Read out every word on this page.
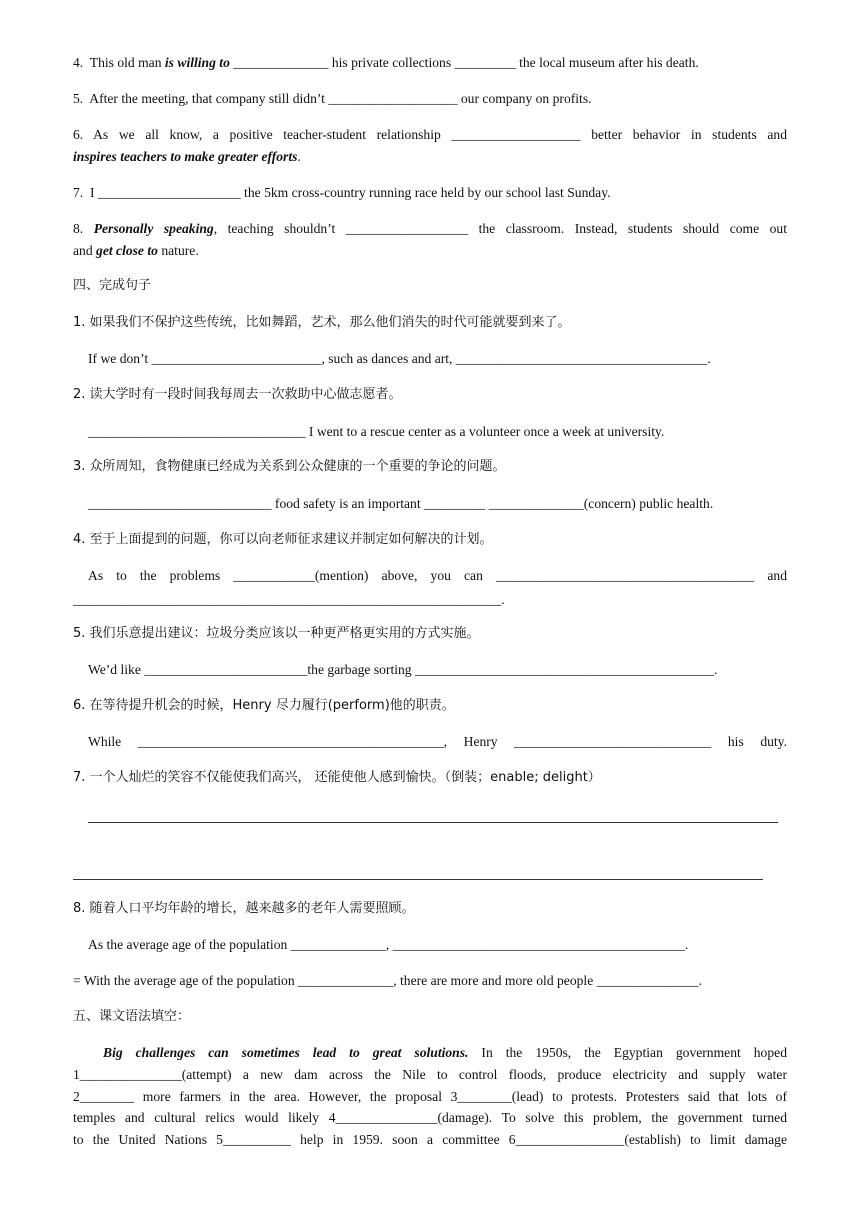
4. This old man is willing to ______________ his private collections _________ the local museum after his death.
5. After the meeting, that company still didn’t ___________________ our company on profits.
6. As we all know, a positive teacher-student relationship ___________________ better behavior in students and
inspires teachers to make greater efforts.
7. I _____________________ the 5km cross-country running race held by our school last Sunday.
8. Personally speaking, teaching shouldn’t __________________ the classroom. Instead, students should come out
and get close to nature.
四、完成句子
1. 如果我们不保护这些传统，比如舞蹈，艺术，那么他们消失的时代可能就要到来了。
If we don’t _________________________, such as dances and art, _____________________________________.
2. 读大学时有一段时间我每周去一次救助中心做志愿者。
________________________________ I went to a rescue center as a volunteer once a week at university.
3. 众所周知，食物健康已经成为关系到公众健康的一个重要的争论的问题。
___________________________ food safety is an important _________ ______________(concern) public health.
4. 至于上面提到的问题，你可以向老师征求建议并制定如何解决的计划。
As to the problems ____________(mention) above, you can ______________________________________ and
_______________________________________________________________.
5. 我们乐意提出建议：垃圾分类应该以一种更严格更实用的方式实施。
We’d like ________________________the garbage sorting ____________________________________________.
6. 在等待提升机会的时候，Henry 尽力履行(perform)他的职责。
While _____________________________________________, Henry _____________________________ his duty.
7. 一个人灿烂的笑容不仅能使我们高兴， 还能使他人感到愉快。（倒装；enable; delight）
8. 随着人口平均年龄的增长，越来越多的老年人需要照顾。
As the average age of the population ______________, ___________________________________________.
= With the average age of the population ______________, there are more and more old people _______________.
五、课文语法填空：
Big challenges can sometimes lead to great solutions. In the 1950s, the Egyptian government hoped
1_______________(attempt) a new dam across the Nile to control floods, produce electricity and supply water
2________ more farmers in the area. However, the proposal 3________(lead) to protests. Protesters said that lots of
temples and cultural relics would likely 4_______________(damage). To solve this problem, the government turned
to the United Nations 5__________ help in 1959. soon a committee 6________________(establish) to limit damage
